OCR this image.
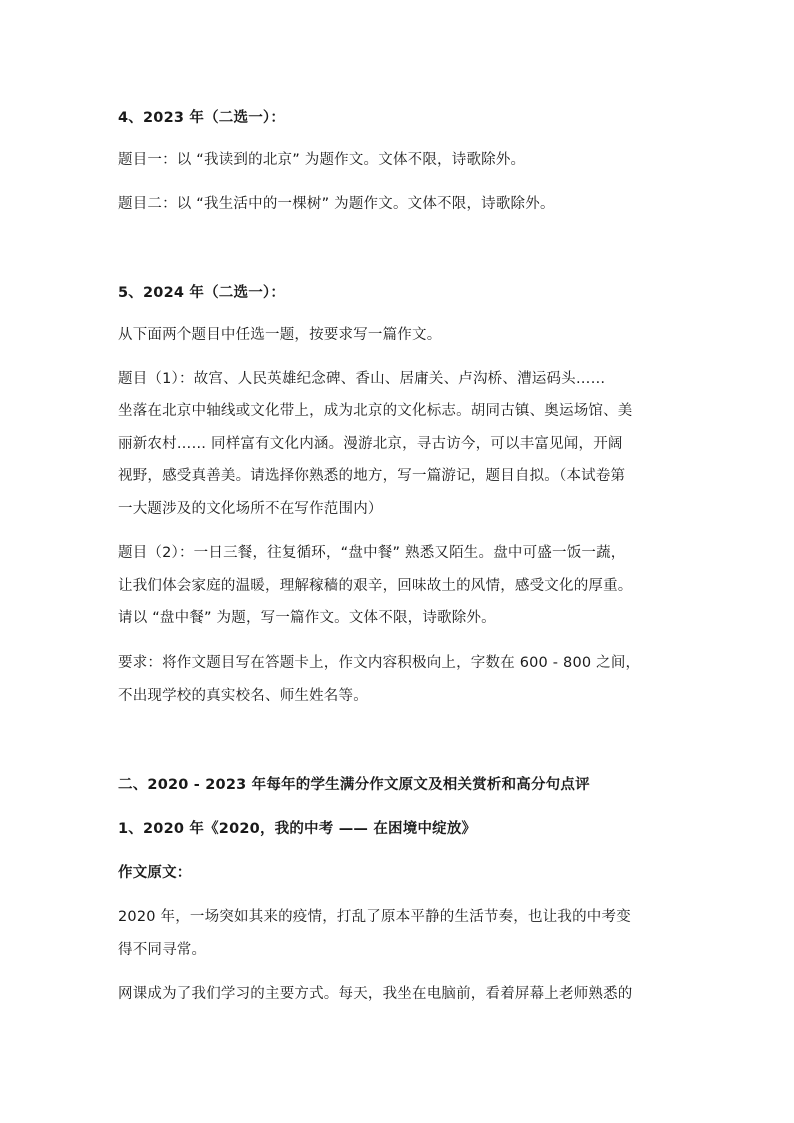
4、2023 年（二选一）：
题目一：以 “我读到的北京” 为题作文。文体不限，诗歌除外。
题目二：以 “我生活中的一棵树” 为题作文。文体不限，诗歌除外。
5、2024 年（二选一）：
从下面两个题目中任选一题，按要求写一篇作文。
题目（1）：故宫、人民英雄纪念碑、香山、居庸关、卢沟桥、漕运码头……
坐落在北京中轴线或文化带上，成为北京的文化标志。胡同古镇、奥运场馆、美
丽新农村…… 同样富有文化内涵。漫游北京，寻古访今，可以丰富见闻，开阔
视野，感受真善美。请选择你熟悉的地方，写一篇游记，题目自拟。（本试卷第
一大题涉及的文化场所不在写作范围内）
题目（2）：一日三餐，往复循环，“盘中餐” 熟悉又陌生。盘中可盛一饭一蔬，
让我们体会家庭的温暖，理解稼穑的艰辛，回味故土的风情，感受文化的厚重。
请以 “盘中餐” 为题，写一篇作文。文体不限，诗歌除外。
要求：将作文题目写在答题卡上，作文内容积极向上，字数在 600 - 800 之间，
不出现学校的真实校名、师生姓名等。
二、2020 - 2023 年每年的学生满分作文原文及相关赏析和高分句点评
1、2020 年《2020，我的中考 —— 在困境中绽放》
作文原文：
2020 年，一场突如其来的疫情，打乱了原本平静的生活节奏，也让我的中考变
得不同寻常。
网课成为了我们学习的主要方式。每天，我坐在电脑前，看着屏幕上老师熟悉的
